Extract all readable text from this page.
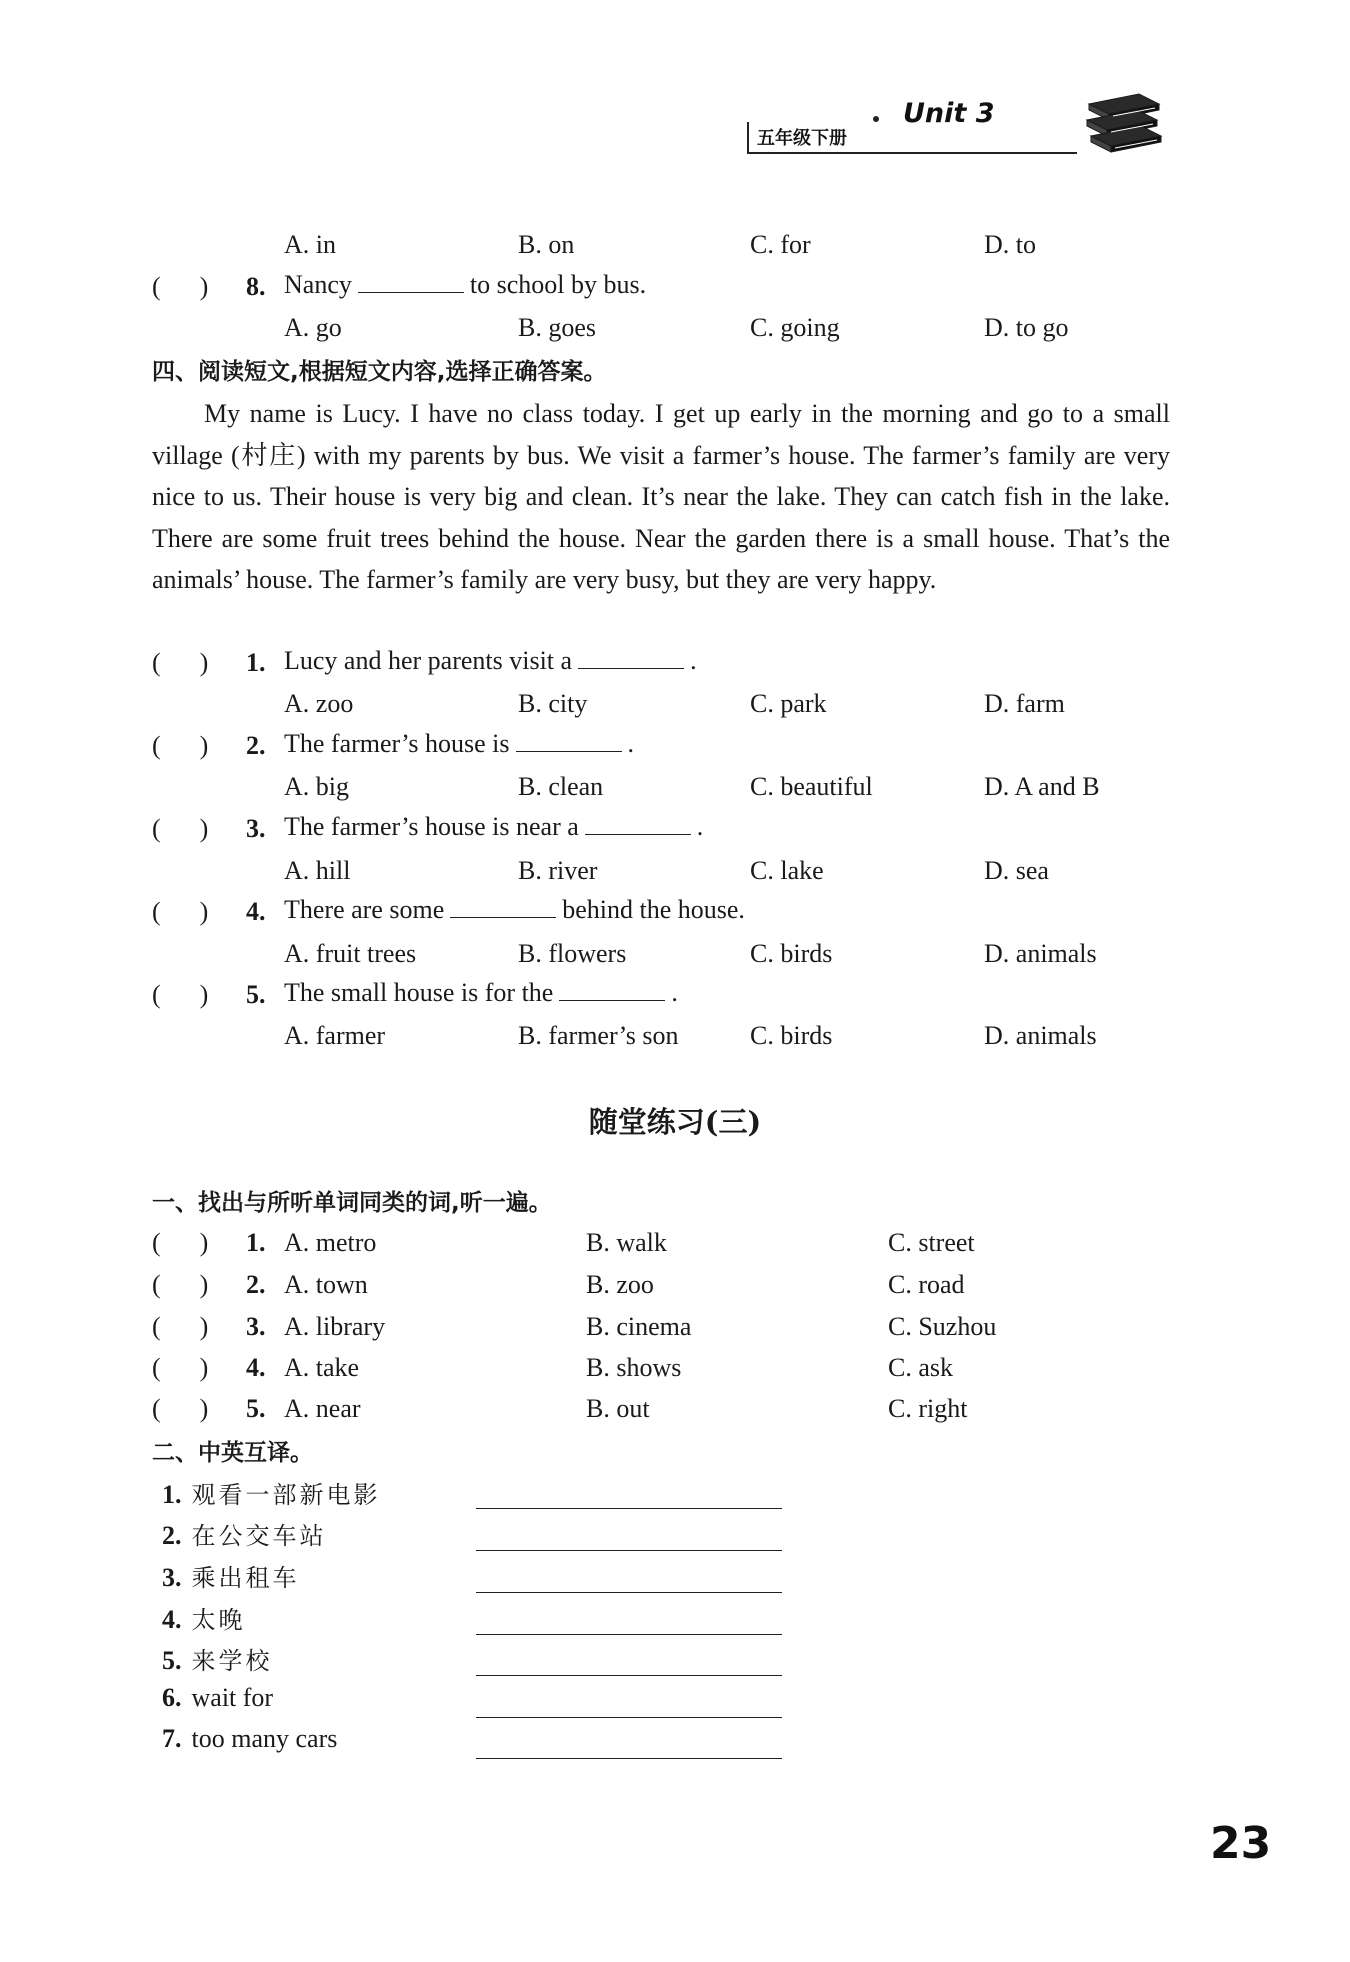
五年级下册
Unit 3
A. in	B. on	C. for	D. to
(      ) 8. Nancy	to school by bus.
A. go	B. goes	C. going	D. to go
四、阅读短文,根据短文内容,选择正确答案。

My name is Lucy. I have no class today. I get up early in the morning and go to a small village (村庄) with my parents by bus. We visit a farmer’s house. The farmer’s family are very nice to us. Their house is very big and clean. It’s near the lake. They can catch fish in the lake. There are some fruit trees behind the house. Near the garden there is a small house. That’s the animals’ house. The farmer’s family are very busy, but they are very happy.

(      ) 1. Lucy and her parents visit a	.
A. zoo	B. city	C. park	D. farm
(      ) 2. The farmer’s house is	.
A. big	B. clean	C. beautiful	D. A and B
(      ) 3. The farmer’s house is near a	.
A. hill	B. river	C. lake	D. sea
(      ) 4. There are some	behind the house.
A. fruit trees	B. flowers	C. birds	D. animals
(      ) 5. The small house is for the	.
A. farmer	B. farmer’s son	C. birds	D. animals
随堂练习(三)
一、找出与所听单词同类的词,听一遍。
(      ) 1. A. metro	B. walk	C. street
(      ) 2. A. town	B. zoo	C. road
(      ) 3. A. library	B. cinema	C. Suzhou
(      ) 4. A. take	B. shows	C. ask
(      ) 5. A. near	B. out	C. right
二、中英互译。
1. 观看一部新电影
2. 在公交车站
3. 乘出租车
4. 太晚
5. 来学校
6. wait for
7. too many cars
23
